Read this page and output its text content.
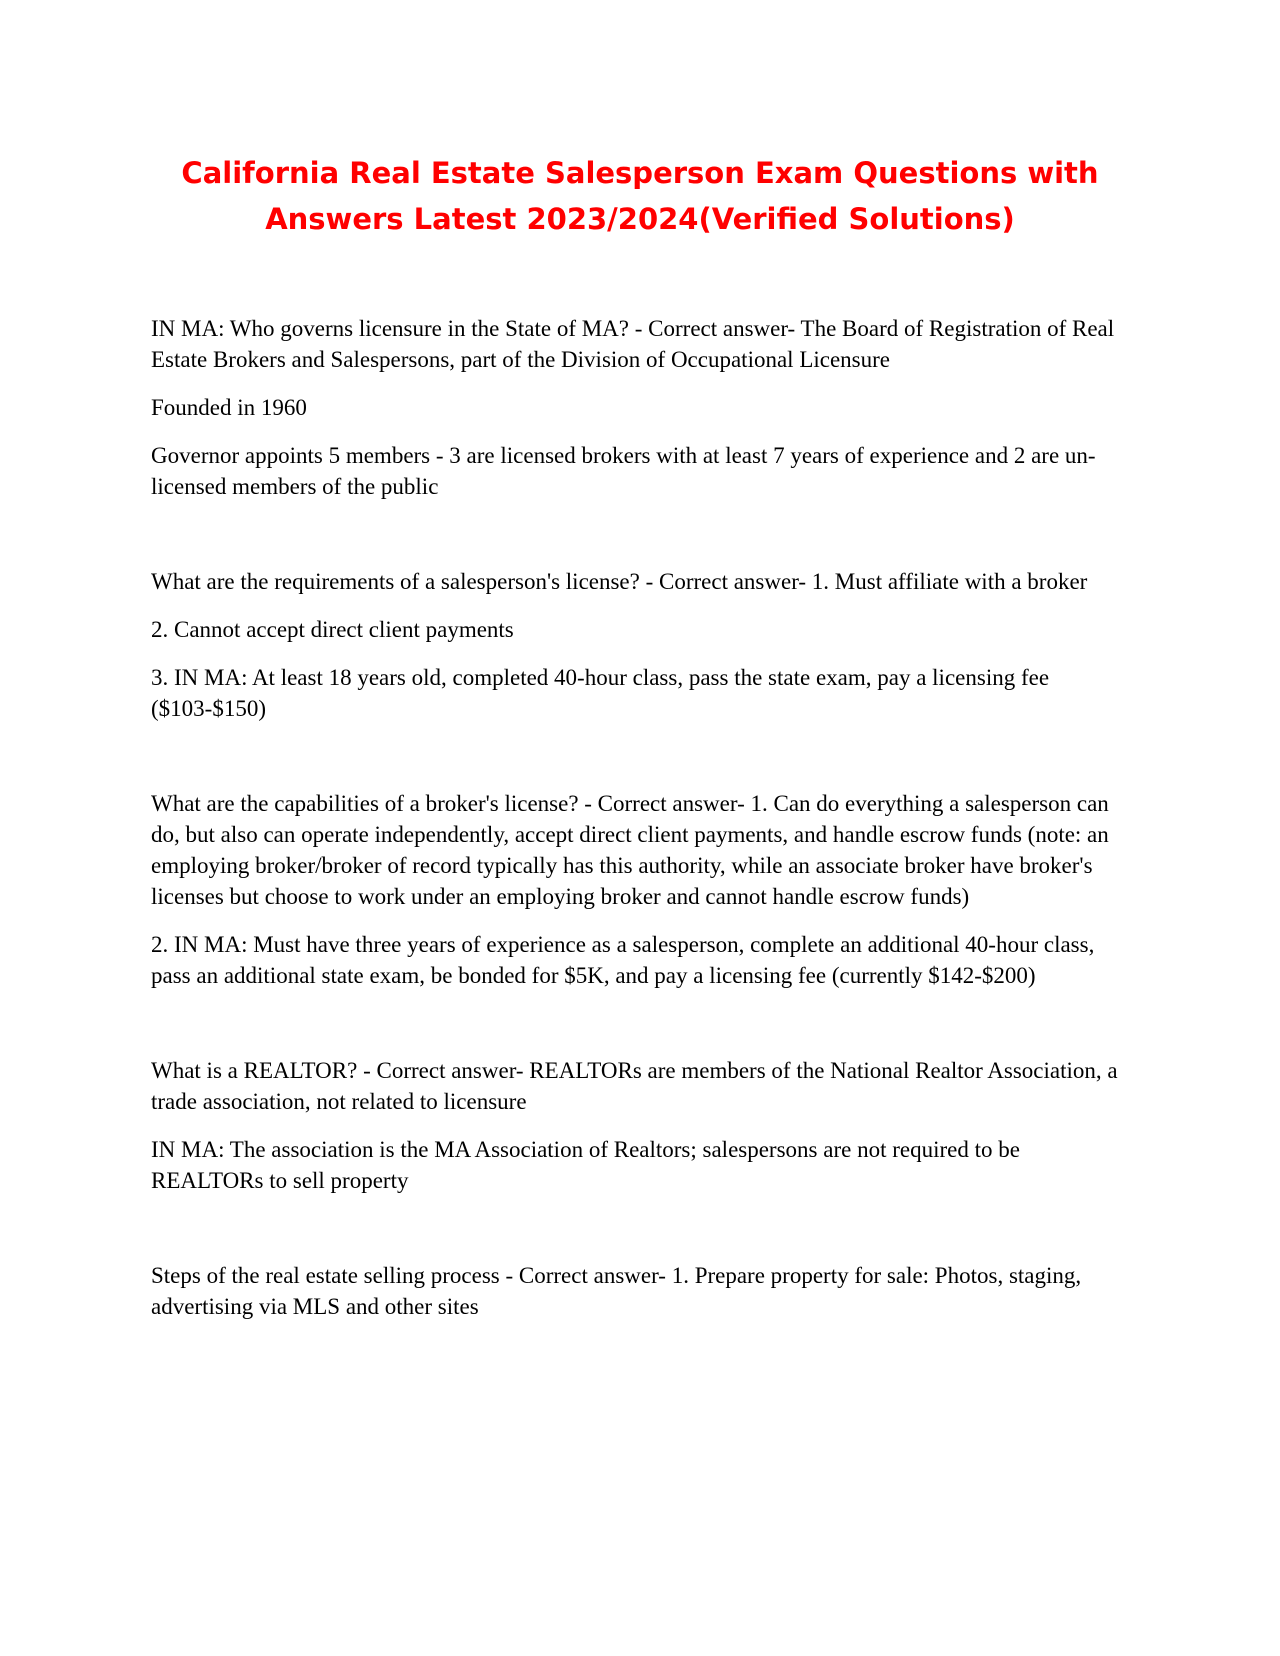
California Real Estate Salesperson Exam Questions with
Answers Latest 2023/2024(Verified Solutions)

IN MA: Who governs licensure in the State of MA? - Correct answer- The Board of Registration of Real Estate Brokers and Salespersons, part of the Division of Occupational Licensure

Founded in 1960

Governor appoints 5 members - 3 are licensed brokers with at least 7 years of experience and 2 are un-licensed members of the public

What are the requirements of a salesperson's license? - Correct answer- 1. Must affiliate with a broker

2. Cannot accept direct client payments

3. IN MA: At least 18 years old, completed 40-hour class, pass the state exam, pay a licensing fee ($103-$150)

What are the capabilities of a broker's license? - Correct answer- 1. Can do everything a salesperson can do, but also can operate independently, accept direct client payments, and handle escrow funds (note: an employing broker/broker of record typically has this authority, while an associate broker have broker's licenses but choose to work under an employing broker and cannot handle escrow funds)

2. IN MA: Must have three years of experience as a salesperson, complete an additional 40-hour class, pass an additional state exam, be bonded for $5K, and pay a licensing fee (currently $142-$200)

What is a REALTOR? - Correct answer- REALTORs are members of the National Realtor Association, a trade association, not related to licensure

IN MA: The association is the MA Association of Realtors; salespersons are not required to be REALTORs to sell property

Steps of the real estate selling process - Correct answer- 1. Prepare property for sale: Photos, staging, advertising via MLS and other sites
